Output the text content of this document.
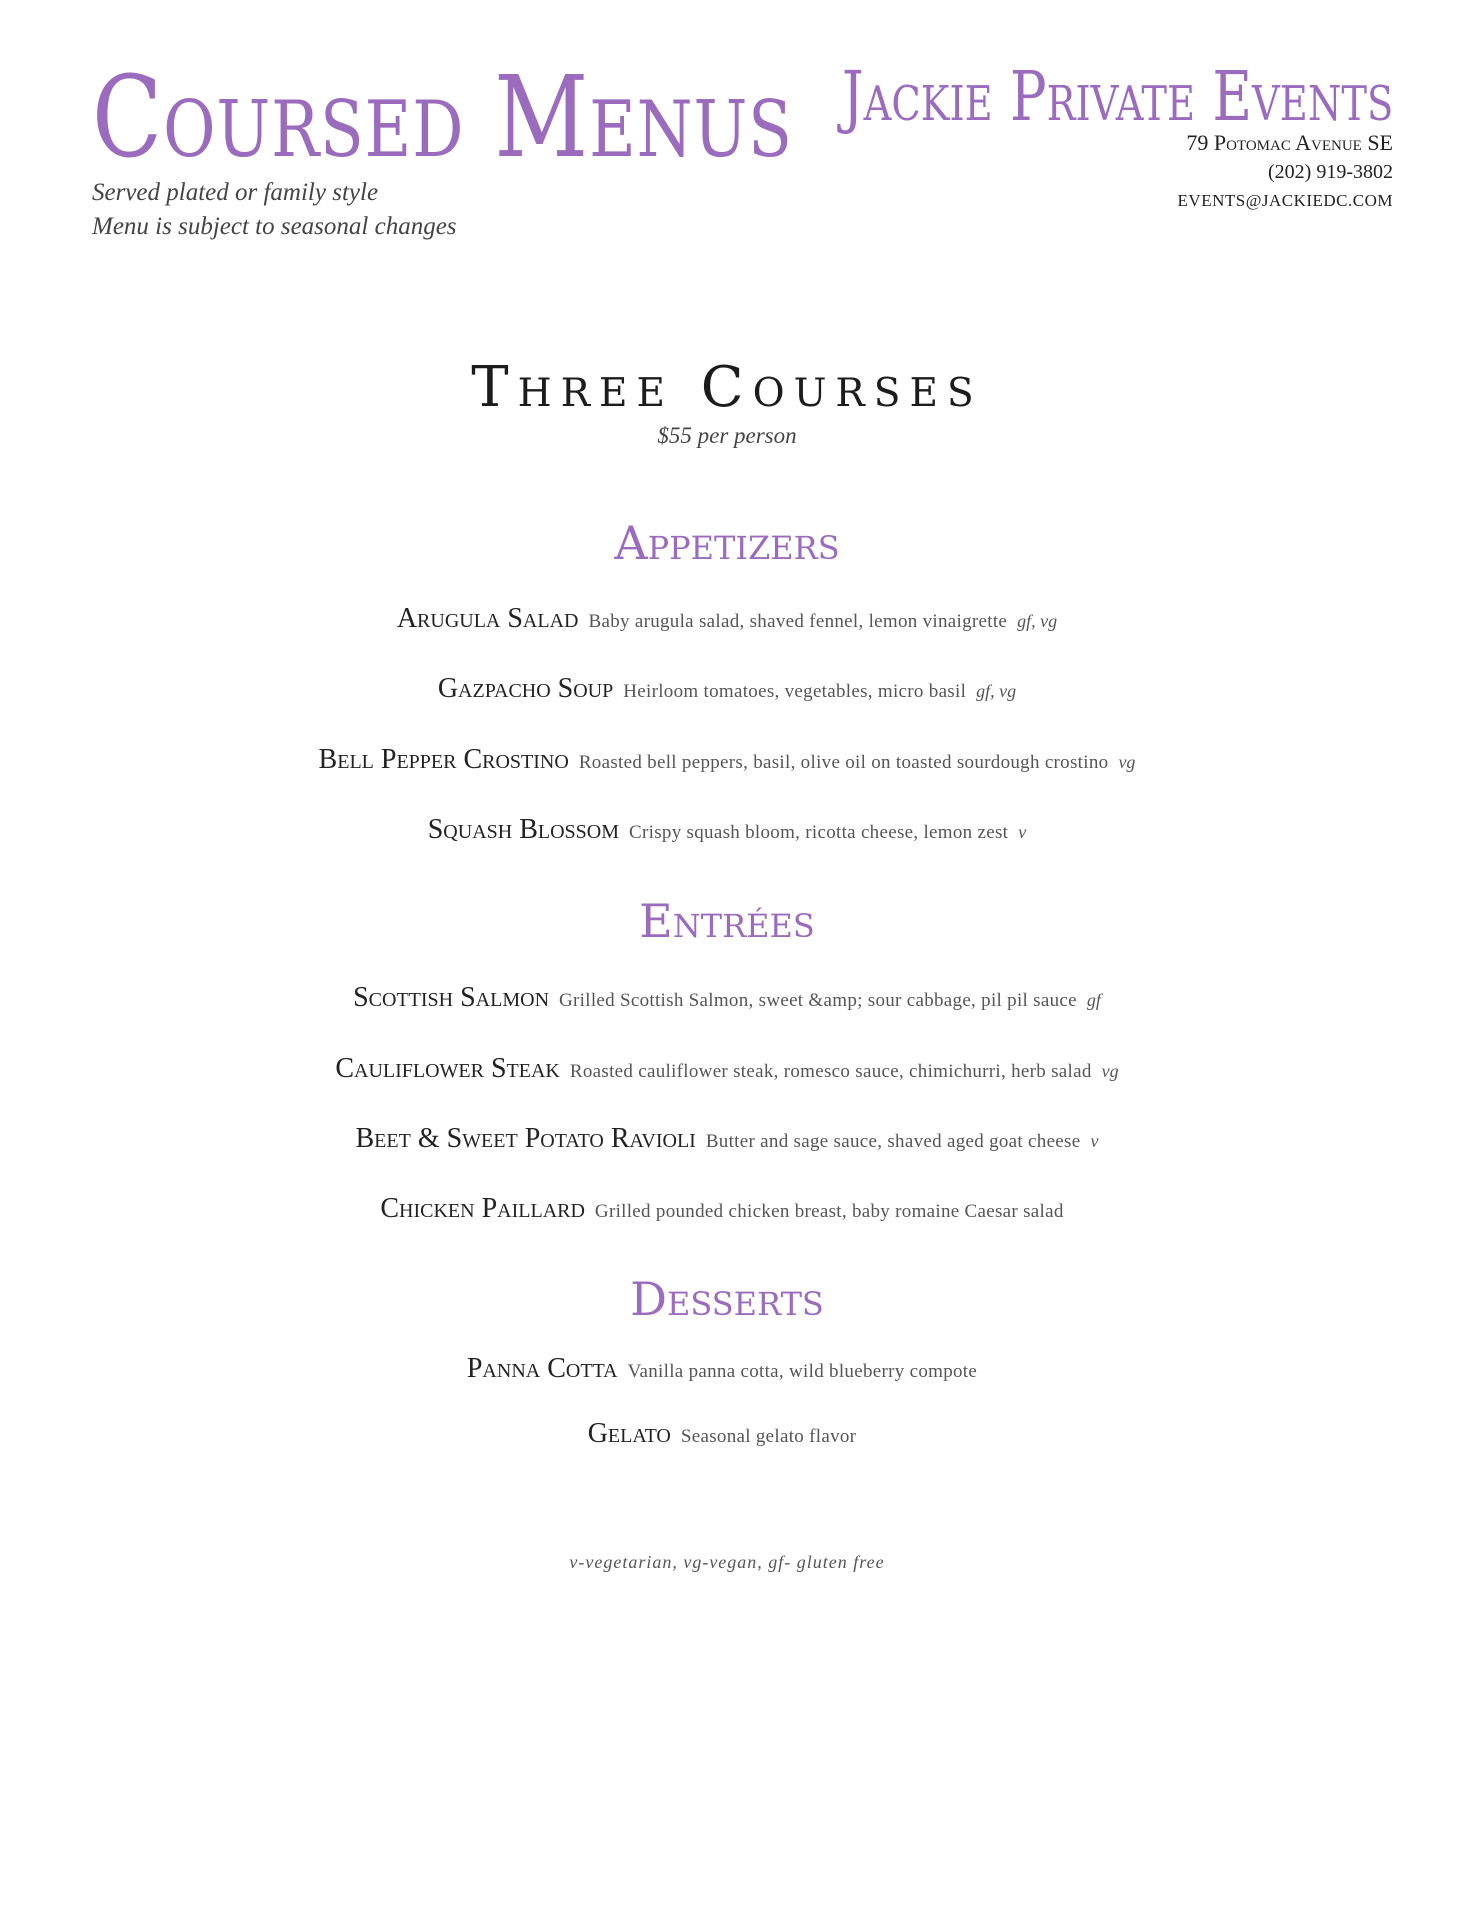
Coursed Menus

Served plated or family style

Menu is subject to seasonal changes

Jackie Private Events

79 Potomac Avenue SE

(202) 919-3802

EVENTS@JACKIEDC.COM

Three Courses

$55 per person

Appetizers
Arugula Salad Baby arugula salad, shaved fennel, lemon vinaigrette gf, vg
Gazpacho Soup Heirloom tomatoes, vegetables, micro basil gf, vg
Bell Pepper Crostino Roasted bell peppers, basil, olive oil on toasted sourdough crostino vg
Squash Blossom Crispy squash bloom, ricotta cheese, lemon zest v
Entrées
Scottish Salmon Grilled Scottish Salmon, sweet &amp; sour cabbage, pil pil sauce gf
Cauliflower Steak Roasted cauliflower steak, romesco sauce, chimichurri, herb salad vg
Beet & Sweet Potato Ravioli Butter and sage sauce, shaved aged goat cheese v
Chicken Paillard Grilled pounded chicken breast, baby romaine Caesar salad
Desserts
Panna Cotta Vanilla panna cotta, wild blueberry compote
Gelato Seasonal gelato flavor

v-vegetarian, vg-vegan, gf- gluten free
